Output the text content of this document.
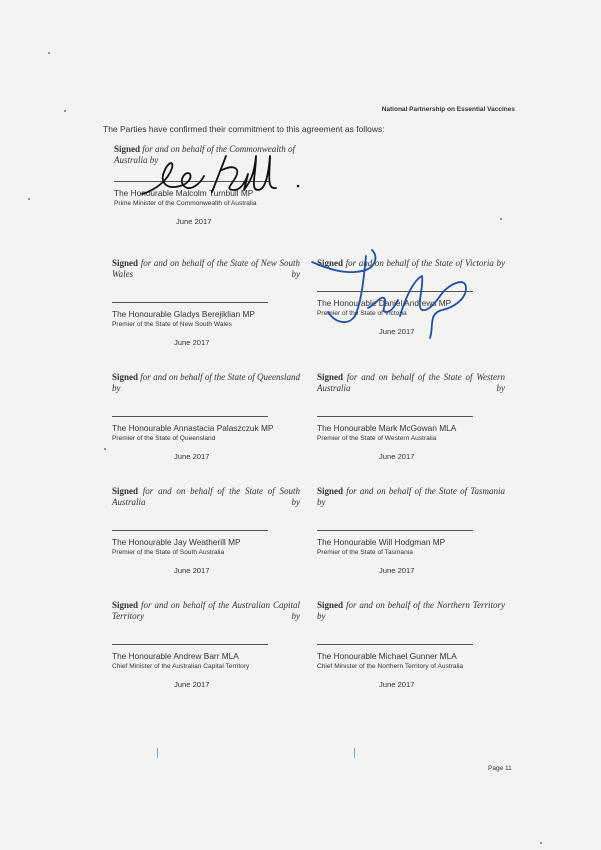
National Partnership on Essential Vaccines
The Parties have confirmed their commitment to this agreement as follows:
Signed for and on behalf of the Commonwealth of Australia by
The Honourable Malcolm Turnbull MP
Prime Minister of the Commonwealth of Australia
June 2017
Signed for and on behalf of the State of New South Wales by
The Honourable Gladys Berejiklian MP
Premier of the State of New South Wales
June 2017
Signed for and on behalf of the State of Victoria by
The Honourable Daniel Andrews MP
Premier of the State of Victoria
June 2017
Signed for and on behalf of the State of Queensland by
The Honourable Annastacia Palaszczuk MP
Premier of the State of Queensland
June 2017
Signed for and on behalf of the State of Western Australia by
The Honourable Mark McGowan MLA
Premier of the State of Western Australia
June 2017
Signed for and on behalf of the State of South Australia by
The Honourable Jay Weatherill MP
Premier of the State of South Australia
June 2017
Signed for and on behalf of the State of Tasmania by
The Honourable Will Hodgman MP
Premier of the State of Tasmania
June 2017
Signed for and on behalf of the Australian Capital Territory by
The Honourable Andrew Barr MLA
Chief Minister of the Australian Capital Territory
June 2017
Signed for and on behalf of the Northern Territory by
The Honourable Michael Gunner MLA
Chief Minister of the Northern Territory of Australia
June 2017
Page 11
